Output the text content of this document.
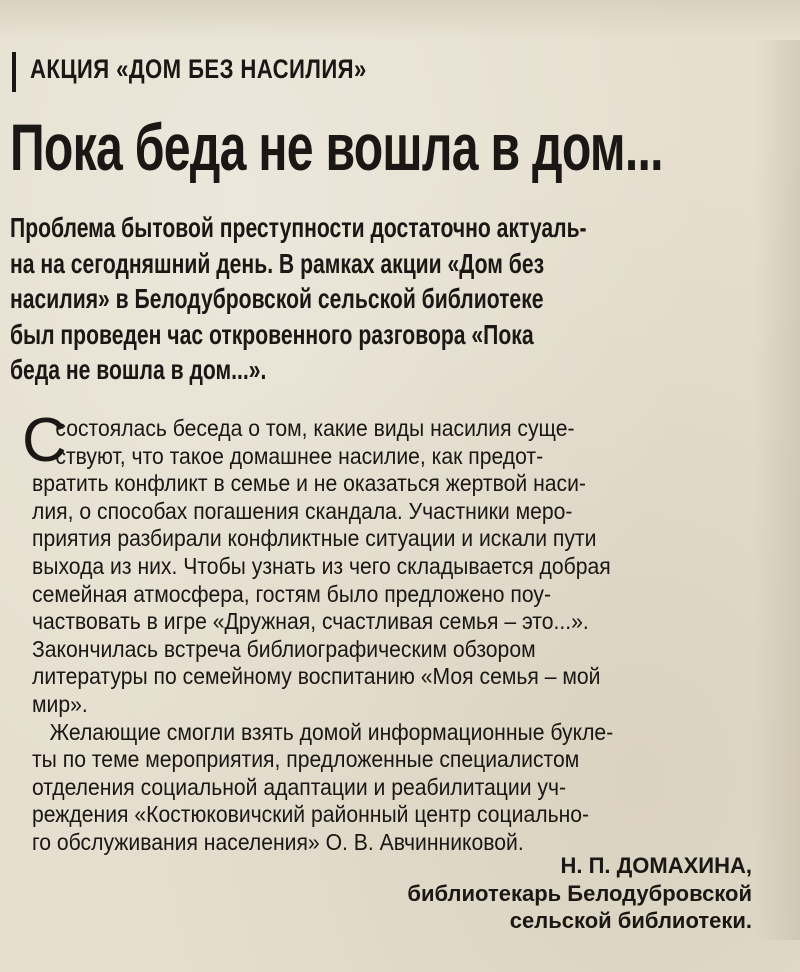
АКЦИЯ «ДОМ БЕЗ НАСИЛИЯ»
Пока беда не вошла в дом...
Проблема бытовой преступности достаточно актуаль-
на на сегодняшний день. В рамках акции «Дом без
насилия» в Белодубровской сельской библиотеке
был проведен час откровенного разговора «Пока
беда не вошла в дом...».
С
состоялась беседа о том, какие виды насилия суще-
ствуют, что такое домашнее насилие, как предот-
вратить конфликт в семье и не оказаться жертвой наси-
лия, о способах погашения скандала. Участники меро-
приятия разбирали конфликтные ситуации и искали пути
выхода из них. Чтобы узнать из чего складывается добрая
семейная атмосфера, гостям было предложено поу-
частвовать в игре «Дружная, счастливая семья – это...».
Закончилась встреча библиографическим обзором
литературы по семейному воспитанию «Моя семья – мой
мир».
Желающие смогли взять домой информационные букле-
ты по теме мероприятия, предложенные специалистом
отделения социальной адаптации и реабилитации уч-
реждения «Костюковичский районный центр социально-
го обслуживания населения» О. В. Авчинниковой.
Н. П. ДОМАХИНА,
библиотекарь Белодубровской
сельской библиотеки.
